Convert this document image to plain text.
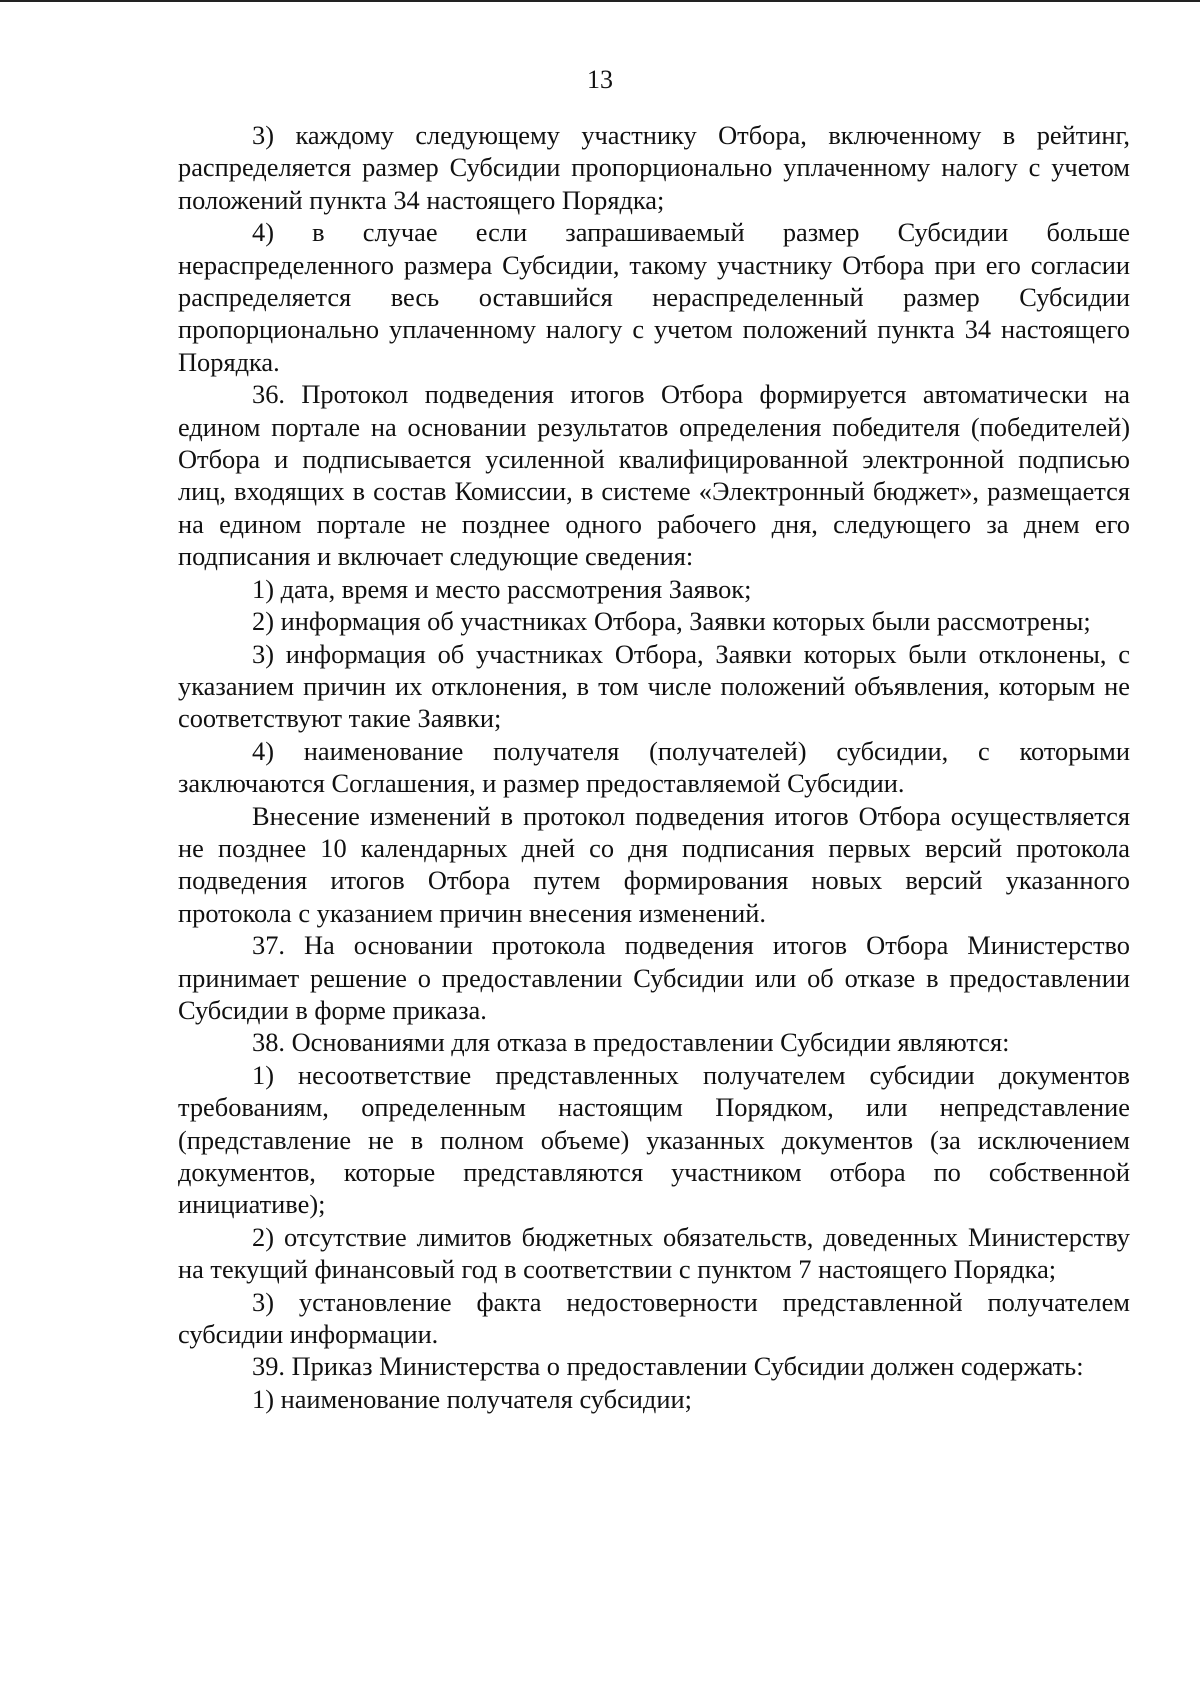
13

3) каждому следующему участнику Отбора, включенному в рейтинг, распределяется размер Субсидии пропорционально уплаченному налогу с учетом положений пункта 34 настоящего Порядка;

4) в случае если запрашиваемый размер Субсидии больше нераспределенного размера Субсидии, такому участнику Отбора при его согласии распределяется весь оставшийся нераспределенный размер Субсидии пропорционально уплаченному налогу с учетом положений пункта 34 настоящего Порядка.

36. Протокол подведения итогов Отбора формируется автоматически на едином портале на основании результатов определения победителя (победителей) Отбора и подписывается усиленной квалифицированной электронной подписью лиц, входящих в состав Комиссии, в системе «Электронный бюджет», размещается на едином портале не позднее одного рабочего дня, следующего за днем его подписания и включает следующие сведения:

1) дата, время и место рассмотрения Заявок;

2) информация об участниках Отбора, Заявки которых были рассмотрены;

3) информация об участниках Отбора, Заявки которых были отклонены, с указанием причин их отклонения, в том числе положений объявления, которым не соответствуют такие Заявки;

4) наименование получателя (получателей) субсидии, с которыми заключаются Соглашения, и размер предоставляемой Субсидии.

Внесение изменений в протокол подведения итогов Отбора осуществляется не позднее 10 календарных дней со дня подписания первых версий протокола подведения итогов Отбора путем формирования новых версий указанного протокола с указанием причин внесения изменений.

37. На основании протокола подведения итогов Отбора Министерство принимает решение о предоставлении Субсидии или об отказе в предоставлении Субсидии в форме приказа.

38. Основаниями для отказа в предоставлении Субсидии являются:

1) несоответствие представленных получателем субсидии документов требованиям, определенным настоящим Порядком, или непредставление (представление не в полном объеме) указанных документов (за исключением документов, которые представляются участником отбора по собственной инициативе);

2) отсутствие лимитов бюджетных обязательств, доведенных Министерству на текущий финансовый год в соответствии с пунктом 7 настоящего Порядка;

3) установление факта недостоверности представленной получателем субсидии информации.

39. Приказ Министерства о предоставлении Субсидии должен содержать:

1) наименование получателя субсидии;
